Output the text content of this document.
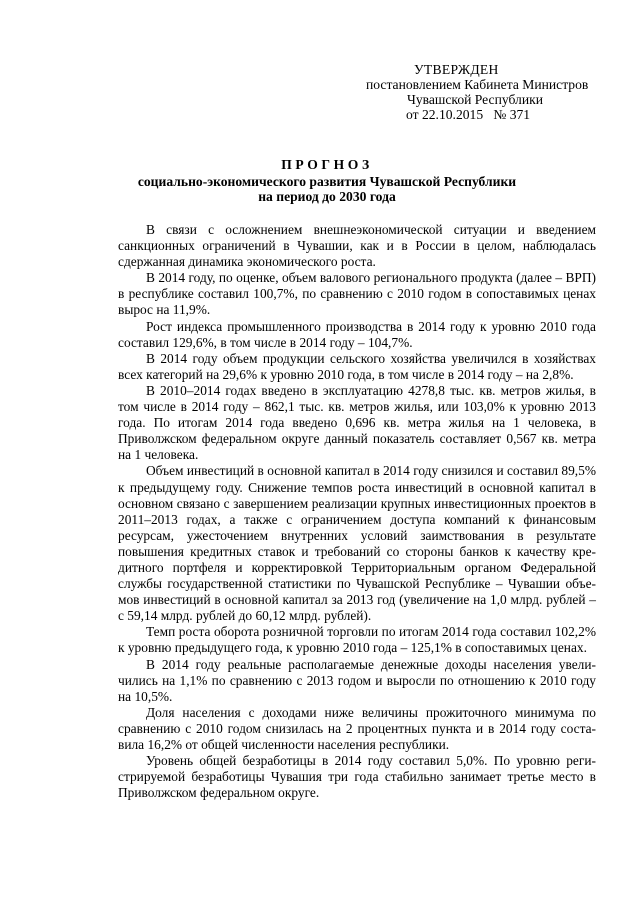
УТВЕРЖДЕН
постановлением Кабинета Министров
Чувашской Республики
от 22.10.2015   № 371
ПРОГНОЗ
социально-экономического развития Чувашской Республики
на период до 2030 года

В связи с осложнением внешнеэкономической ситуации и введением санкционных ограничений в Чувашии, как и в России в целом, наблюдалась сдержанная динамика экономического роста.

В 2014 году, по оценке, объем валового регионального продукта (далее – ВРП) в республике составил 100,7%, по сравнению с 2010 годом в сопоставимых ценах вырос на 11,9%.

Рост индекса промышленного производства в 2014 году к уровню 2010 года составил 129,6%, в том числе в 2014 году – 104,7%.

В 2014 году объем продукции сельского хозяйства увеличился в хозяйствах всех категорий на 29,6% к уровню 2010 года, в том числе в 2014 году – на 2,8%.

В 2010–2014 годах введено в эксплуатацию 4278,8 тыс. кв. метров жилья, в том числе в 2014 году – 862,1 тыс. кв. метров жилья, или 103,0% к уровню 2013 года. По итогам 2014 года введено 0,696 кв. метра жилья на 1 человека, в Приволжском федеральном округе данный показатель составляет 0,567 кв. метра на 1 человека.

Объем инвестиций в основной капитал в 2014 году снизился и составил 89,5% к предыдущему году. Снижение темпов роста инвестиций в основной капитал в основном связано с завершением реализации крупных инвестиционных проектов в 2011–2013 годах, а также с ограничением доступа компаний к финансовым ресурсам, ужесточением внутренних условий заимствования в результате повышения кредитных ставок и требований со стороны банков к качеству кредитного портфеля и корректировкой Территориальным органом Федеральной службы государственной статистики по Чувашской Республике – Чувашии объемов инвестиций в основной капитал за 2013 год (увеличение на 1,0 млрд. рублей – с 59,14 млрд. рублей до 60,12 млрд. рублей).

Темп роста оборота розничной торговли по итогам 2014 года составил 102,2% к уровню предыдущего года, к уровню 2010 года – 125,1% в сопоставимых ценах.

В 2014 году реальные располагаемые денежные доходы населения увеличились на 1,1% по сравнению с 2013 годом и выросли по отношению к 2010 году на 10,5%.

Доля населения с доходами ниже величины прожиточного минимума по сравнению с 2010 годом снизилась на 2 процентных пункта и в 2014 году составила 16,2% от общей численности населения республики.

Уровень общей безработицы в 2014 году составил 5,0%. По уровню регистрируемой безработицы Чувашия три года стабильно занимает третье место в Приволжском федеральном округе.
